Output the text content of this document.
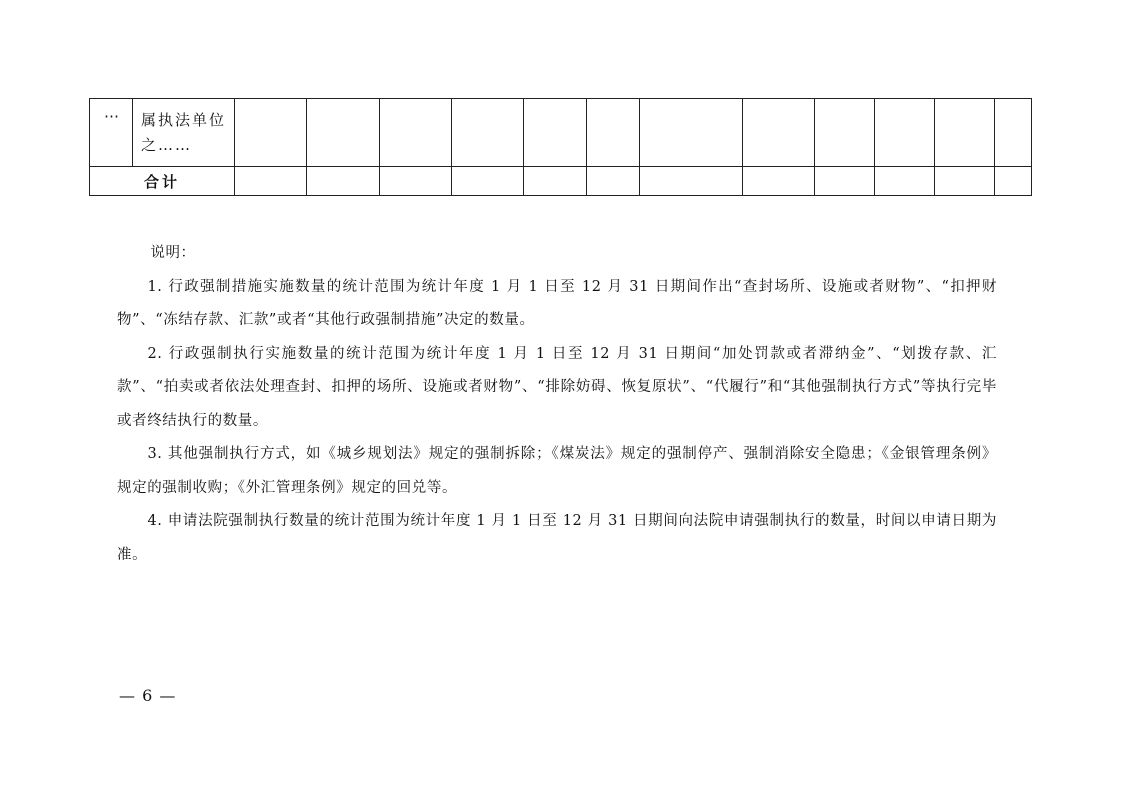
⋯	属执法单位之……												
合计													

说明：

1. 行政强制措施实施数量的统计范围为统计年度 1 月 1 日至 12 月 31 日期间作出“查封场所、设施或者财物”、“扣押财物”、“冻结存款、汇款”或者“其他行政强制措施”决定的数量。

2. 行政强制执行实施数量的统计范围为统计年度 1 月 1 日至 12 月 31 日期间“加处罚款或者滞纳金”、“划拨存款、汇款”、“拍卖或者依法处理查封、扣押的场所、设施或者财物”、“排除妨碍、恢复原状”、“代履行”和“其他强制执行方式”等执行完毕或者终结执行的数量。

3. 其他强制执行方式，如《城乡规划法》规定的强制拆除；《煤炭法》规定的强制停产、强制消除安全隐患；《金银管理条例》规定的强制收购；《外汇管理条例》规定的回兑等。

4. 申请法院强制执行数量的统计范围为统计年度 1 月 1 日至 12 月 31 日期间向法院申请强制执行的数量，时间以申请日期为准。

— 6 —
